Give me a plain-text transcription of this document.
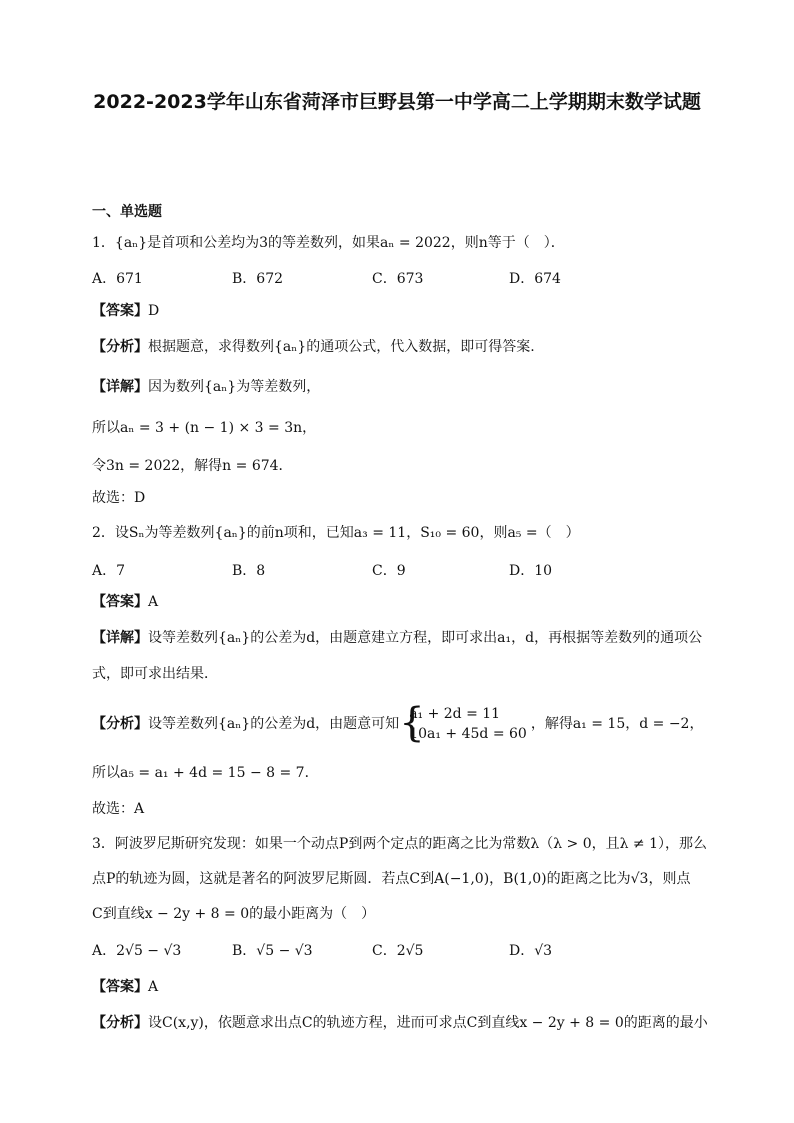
2022-2023学年山东省菏泽市巨野县第一中学高二上学期期末数学试题
一、单选题
1．{aₙ}是首项和公差均为3的等差数列，如果aₙ = 2022，则n等于（　）．
A．671	B．672	C．673	D．674
【答案】D
【分析】根据题意，求得数列{aₙ}的通项公式，代入数据，即可得答案.
【详解】因为数列{aₙ}为等差数列，
所以aₙ = 3 + (n − 1) × 3 = 3n，
令3n = 2022，解得n = 674．
故选：D
2．设Sₙ为等差数列{aₙ}的前n项和，已知a₃ = 11，S₁₀ = 60，则a₅ =（　）
A．7	B．8	C．9	D．10
【答案】A
【详解】设等差数列{aₙ}的公差为d，由题意建立方程，即可求出a₁，d，再根据等差数列的通项公
式，即可求出结果．
【分析】设等差数列{aₙ}的公差为d，由题意可知 {
a₁ + 2d = 11
10a₁ + 45d = 60
，解得a₁ = 15，d = −2，
所以a₅ = a₁ + 4d = 15 − 8 = 7．
故选：A
3．阿波罗尼斯研究发现：如果一个动点P到两个定点的距离之比为常数λ（λ > 0，且λ ≠ 1），那么
点P的轨迹为圆，这就是著名的阿波罗尼斯圆．若点C到A(−1,0)，B(1,0)的距离之比为√3，则点
C到直线x − 2y + 8 = 0的最小距离为（　）
A．2√5 − √3	B．√5 − √3	C．2√5	D．√3
【答案】A
【分析】设C(x,y)，依题意求出点C的轨迹方程，进而可求点C到直线x − 2y + 8 = 0的距离的最小
